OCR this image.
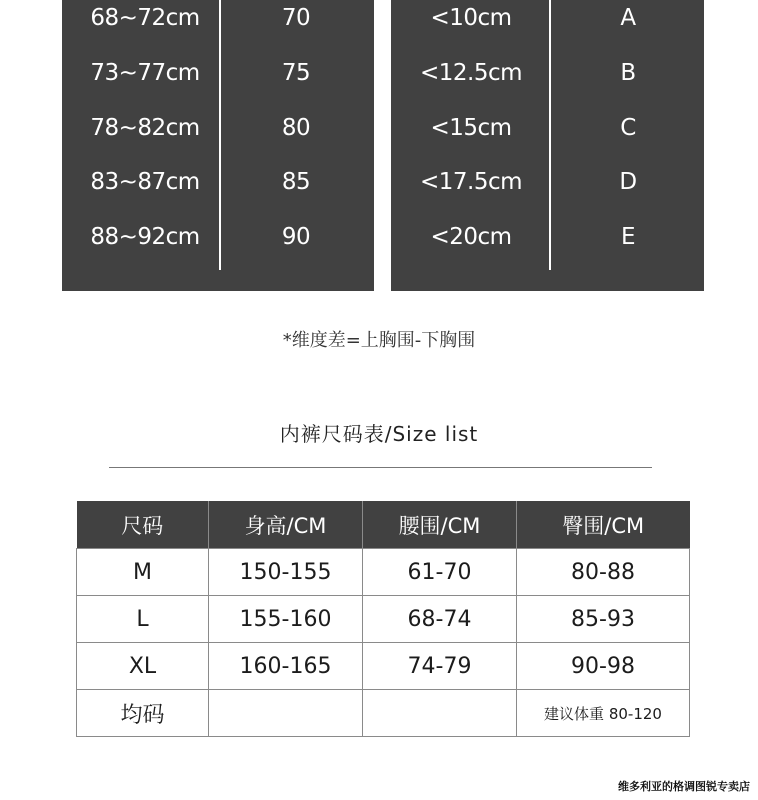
68~72cm	70
73~77cm	75
78~82cm	80
83~87cm	85
88~92cm	90
<10cm	A
<12.5cm	B
<15cm	C
<17.5cm	D
<20cm	E
*维度差=上胸围-下胸围
内裤尺码表/Size list
尺码	身高/CM	腰围/CM	臀围/CM
M	150-155	61-70	80-88
L	155-160	68-74	85-93
XL	160-165	74-79	90-98
均码			建议体重 80-120
维多利亚的格调图锐专卖店
